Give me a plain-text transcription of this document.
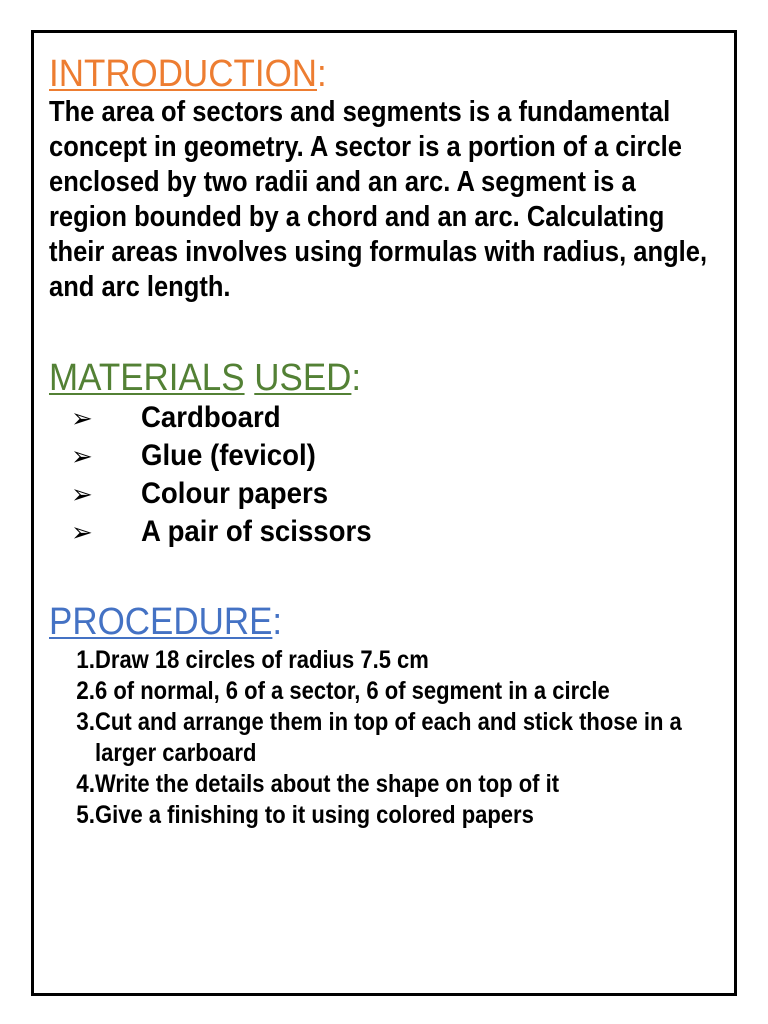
INTRODUCTION:

The area of sectors and segments is a fundamental concept in geometry. A sector is a portion of a circle enclosed by two radii and an arc. A segment is a region bounded by a chord and an arc. Calculating their areas involves using formulas with radius, angle, and arc length.

MATERIALS USED:
➢	Cardboard
➢	Glue (fevicol)
➢	Colour papers
➢	A pair of scissors
PROCEDURE:
1. Draw 18 circles of radius 7.5 cm
2. 6 of normal, 6 of a sector, 6 of segment in a circle
3. Cut and arrange them in top of each and stick those in a larger carboard
4. Write the details about the shape on top of it
5. Give a finishing to it using colored papers
